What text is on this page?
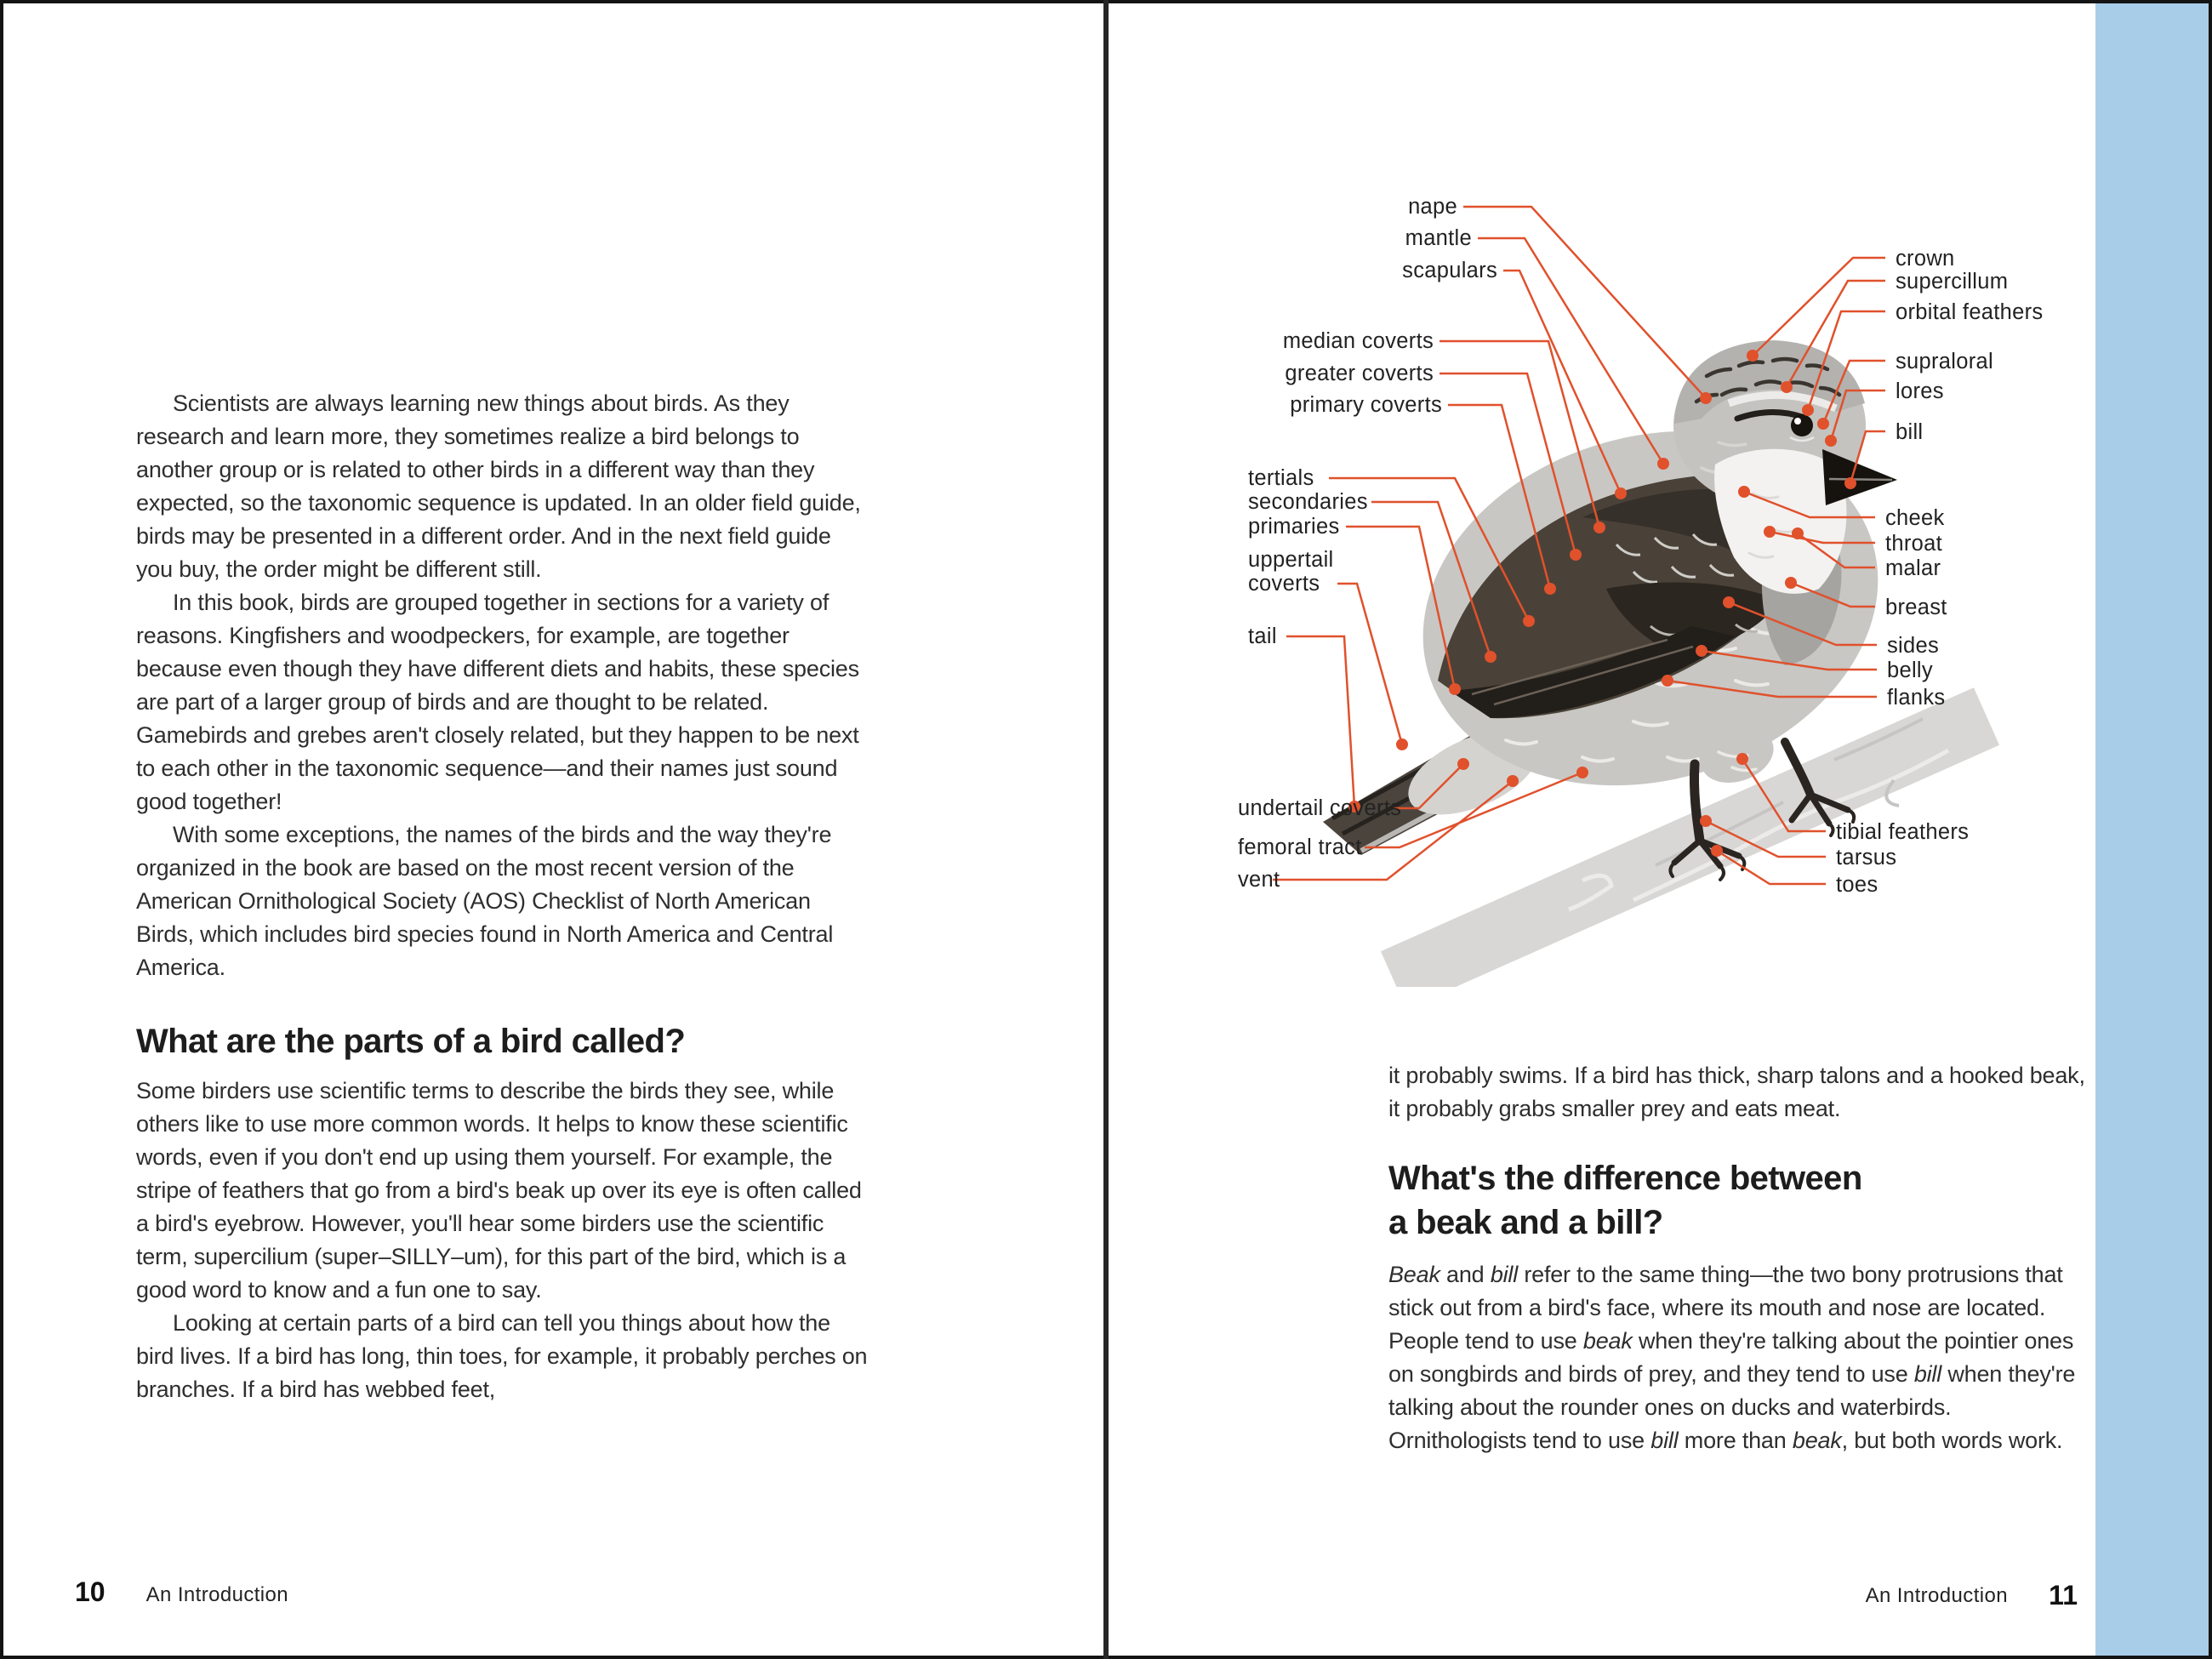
Scientists are always learning new things about birds. As they research and learn more, they sometimes realize a bird belongs to another group or is related to other birds in a different way than they expected, so the taxonomic sequence is updated. In an older field guide, birds may be presented in a different order. And in the next field guide you buy, the order might be different still.

In this book, birds are grouped together in sections for a variety of reasons. Kingfishers and woodpeckers, for example, are together because even though they have different diets and habits, these species are part of a larger group of birds and are thought to be related. Gamebirds and grebes aren't closely related, but they happen to be next to each other in the taxonomic sequence—and their names just sound good together!

With some exceptions, the names of the birds and the way they're organized in the book are based on the most recent version of the American Ornithological Society (AOS) Checklist of North American Birds, which includes bird species found in North America and Central America.

What are the parts of a bird called?

Some birders use scientific terms to describe the birds they see, while others like to use more common words. It helps to know these scientific words, even if you don't end up using them yourself. For example, the stripe of feathers that go from a bird's beak up over its eye is often called a bird's eyebrow. However, you'll hear some birders use the scientific term, supercilium (super–SILLY–um), for this part of the bird, which is a good word to know and a fun one to say.

Looking at certain parts of a bird can tell you things about how the bird lives. If a bird has long, thin toes, for example, it probably perches on branches. If a bird has webbed feet,

10 An Introduction

it probably swims. If a bird has thick, sharp talons and a hooked beak, it probably grabs smaller prey and eats meat.

What's the difference between
a beak and a bill?

Beak and bill refer to the same thing—the two bony protrusions that stick out from a bird's face, where its mouth and nose are located. People tend to use beak when they're talking about the pointier ones on songbirds and birds of prey, and they tend to use bill when they're talking about the rounder ones on ducks and waterbirds. Ornithologists tend to use bill more than beak, but both words work.

nape
mantle
scapulars
median coverts
greater coverts
primary coverts
tertials
secondaries
primaries
uppertail
coverts
tail
undertail coverts
femoral tract
vent
crown
supercillum
orbital feathers
supraloral
lores
bill
cheek
throat
malar
breast
sides
belly
flanks
tibial feathers
tarsus
toes
An Introduction 11
